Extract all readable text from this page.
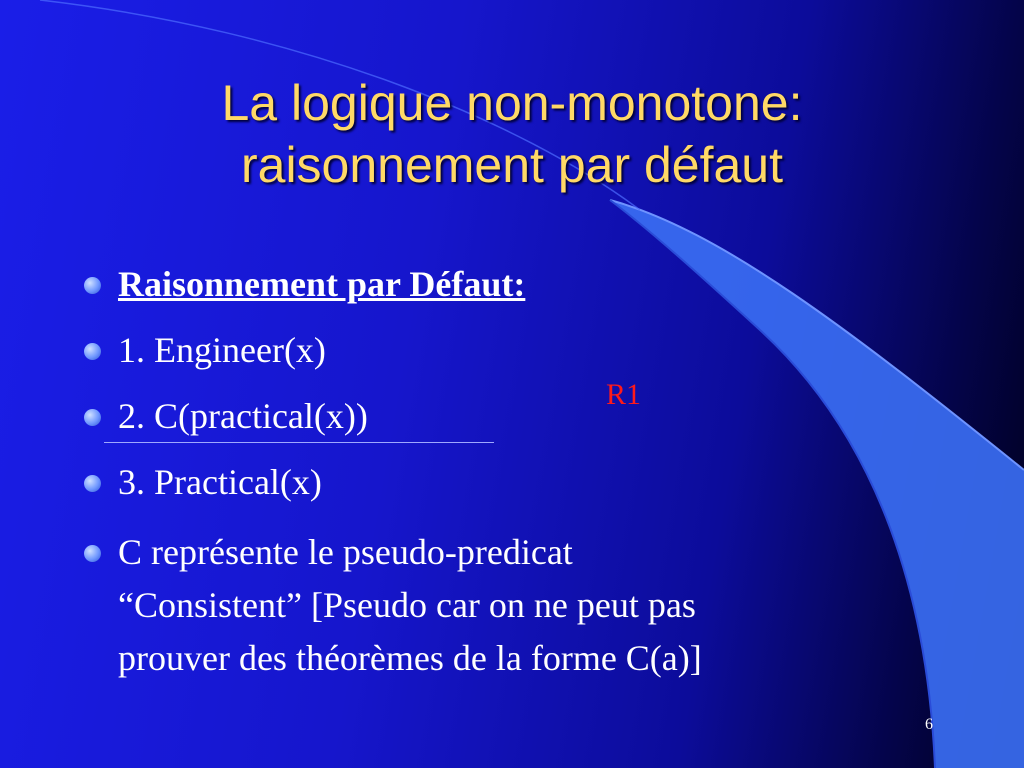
La logique non-monotone:
raisonnement par défaut
Raisonnement par Défaut:
1. Engineer(x)
2. C(practical(x))
3. Practical(x)
C représente le pseudo-predicat
“Consistent” [Pseudo car on ne peut pas
prouver des théorèmes de la forme C(a)]
R1
6
